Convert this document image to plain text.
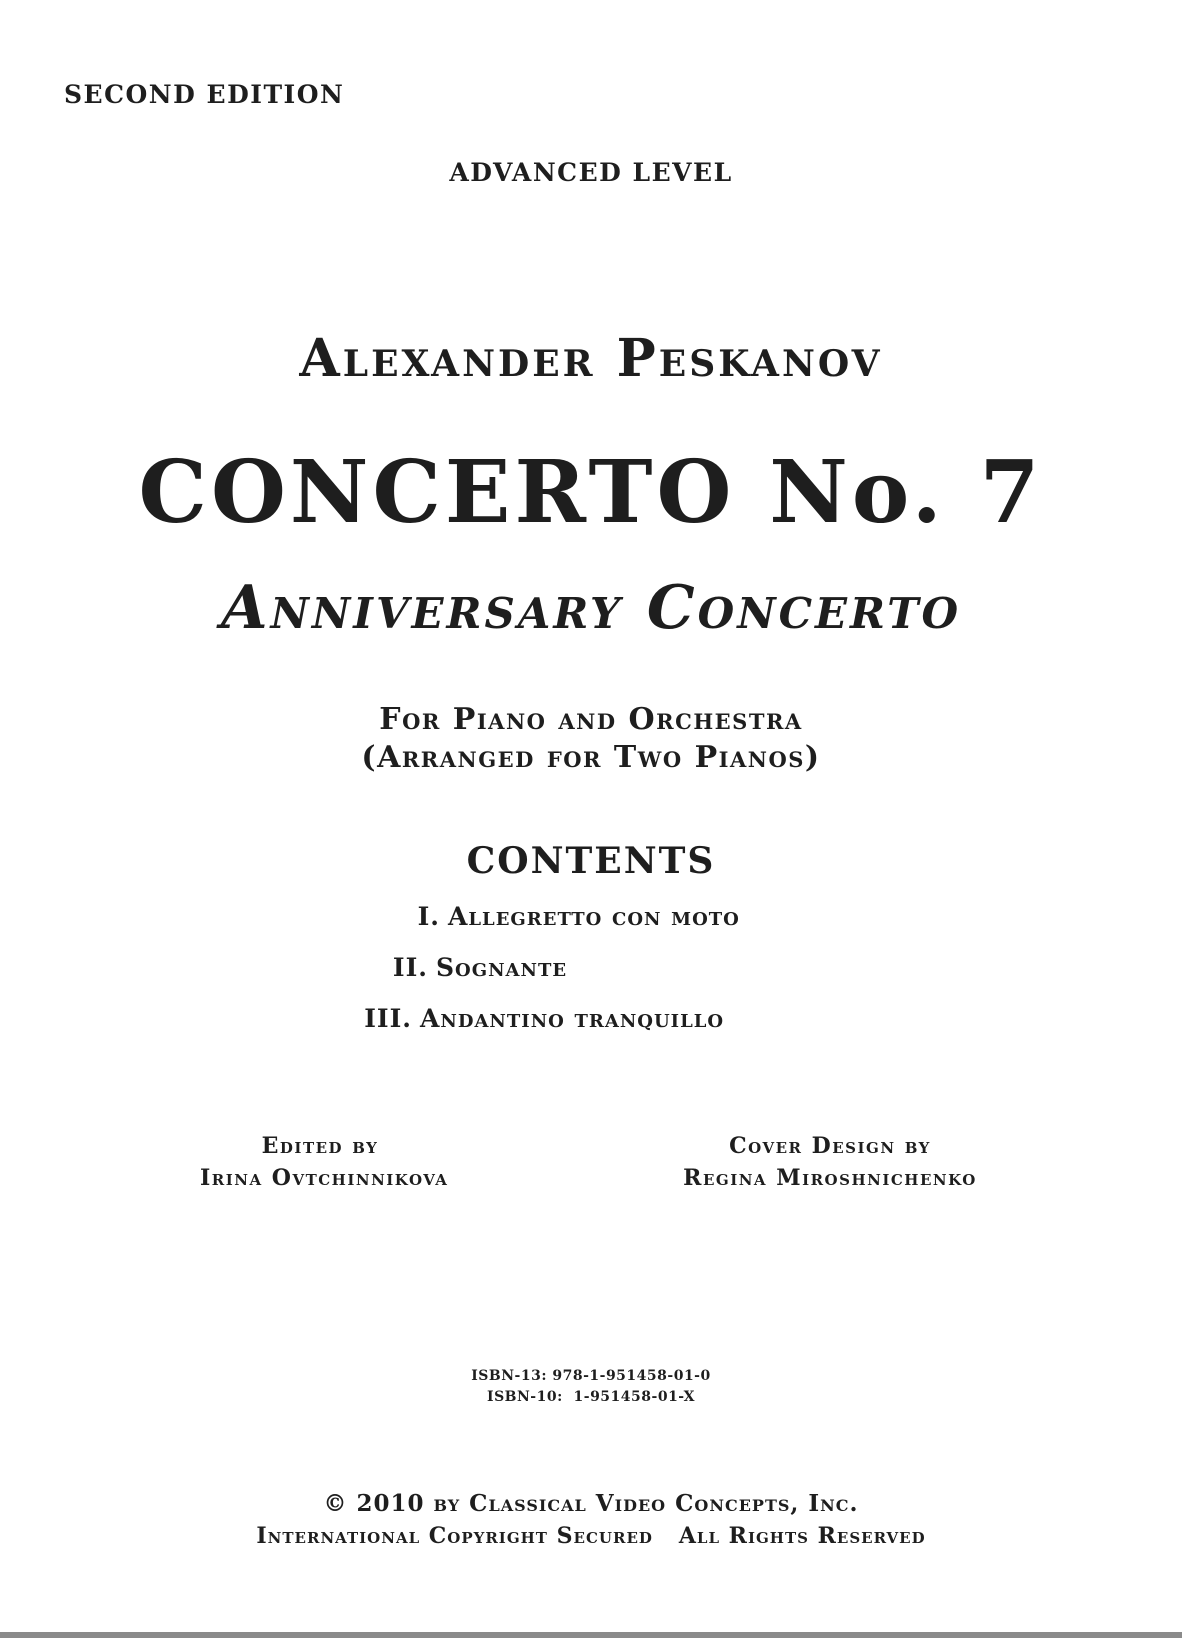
SECOND EDITION
ADVANCED LEVEL
Alexander Peskanov
CONCERTO No. 7
Anniversary Concerto
For Piano and Orchestra
(Arranged for Two Pianos)
CONTENTS
I. Allegretto con moto
II. Sognante
III. Andantino tranquillo
Edited by
Irina Ovtchinnikova
Cover Design by
Regina Miroshnichenko
ISBN-13: 978-1-951458-01-0
ISBN-10:  1-951458-01-X
© 2010 by Classical Video Concepts, Inc.
International Copyright Secured   All Rights Reserved
